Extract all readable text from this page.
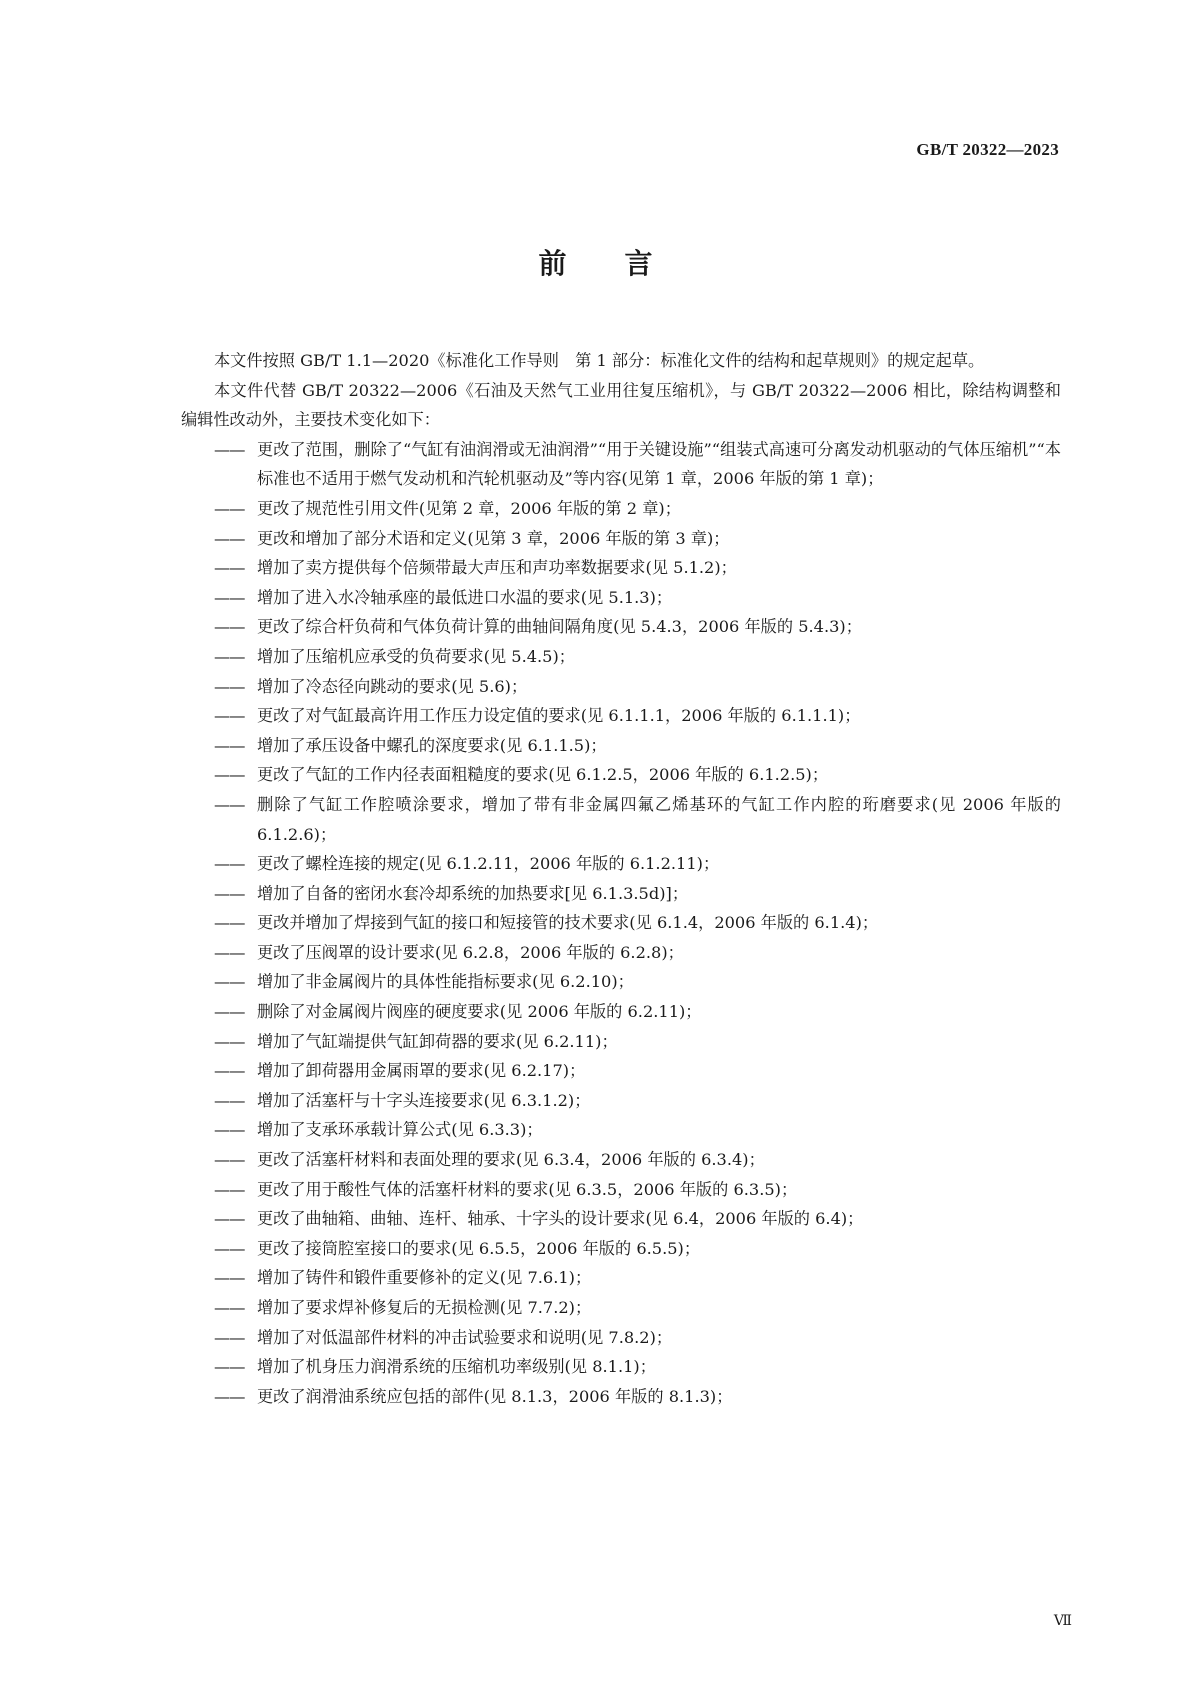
GB/T 20322—2023
前言

本文件按照 GB/T 1.1—2020《标准化工作导则　第 1 部分：标准化文件的结构和起草规则》的规定起草。

本文件代替 GB/T 20322—2006《石油及天然气工业用往复压缩机》，与 GB/T 20322—2006 相比，除结构调整和编辑性改动外，主要技术变化如下：

—— 更改了范围，删除了“气缸有油润滑或无油润滑”“用于关键设施”“组装式高速可分离发动机驱动的气体压缩机”“本标准也不适用于燃气发动机和汽轮机驱动及”等内容(见第 1 章，2006 年版的第 1 章)；
—— 更改了规范性引用文件(见第 2 章，2006 年版的第 2 章)；
—— 更改和增加了部分术语和定义(见第 3 章，2006 年版的第 3 章)；
—— 增加了卖方提供每个倍频带最大声压和声功率数据要求(见 5.1.2)；
—— 增加了进入水冷轴承座的最低进口水温的要求(见 5.1.3)；
—— 更改了综合杆负荷和气体负荷计算的曲轴间隔角度(见 5.4.3，2006 年版的 5.4.3)；
—— 增加了压缩机应承受的负荷要求(见 5.4.5)；
—— 增加了冷态径向跳动的要求(见 5.6)；
—— 更改了对气缸最高许用工作压力设定值的要求(见 6.1.1.1，2006 年版的 6.1.1.1)；
—— 增加了承压设备中螺孔的深度要求(见 6.1.1.5)；
—— 更改了气缸的工作内径表面粗糙度的要求(见 6.1.2.5，2006 年版的 6.1.2.5)；
—— 删除了气缸工作腔喷涂要求，增加了带有非金属四氟乙烯基环的气缸工作内腔的珩磨要求(见 2006 年版的 6.1.2.6)；
—— 更改了螺栓连接的规定(见 6.1.2.11，2006 年版的 6.1.2.11)；
—— 增加了自备的密闭水套冷却系统的加热要求[见 6.1.3.5d)]；
—— 更改并增加了焊接到气缸的接口和短接管的技术要求(见 6.1.4，2006 年版的 6.1.4)；
—— 更改了压阀罩的设计要求(见 6.2.8，2006 年版的 6.2.8)；
—— 增加了非金属阀片的具体性能指标要求(见 6.2.10)；
—— 删除了对金属阀片阀座的硬度要求(见 2006 年版的 6.2.11)；
—— 增加了气缸端提供气缸卸荷器的要求(见 6.2.11)；
—— 增加了卸荷器用金属雨罩的要求(见 6.2.17)；
—— 增加了活塞杆与十字头连接要求(见 6.3.1.2)；
—— 增加了支承环承载计算公式(见 6.3.3)；
—— 更改了活塞杆材料和表面处理的要求(见 6.3.4，2006 年版的 6.3.4)；
—— 更改了用于酸性气体的活塞杆材料的要求(见 6.3.5，2006 年版的 6.3.5)；
—— 更改了曲轴箱、曲轴、连杆、轴承、十字头的设计要求(见 6.4，2006 年版的 6.4)；
—— 更改了接筒腔室接口的要求(见 6.5.5，2006 年版的 6.5.5)；
—— 增加了铸件和锻件重要修补的定义(见 7.6.1)；
—— 增加了要求焊补修复后的无损检测(见 7.7.2)；
—— 增加了对低温部件材料的冲击试验要求和说明(见 7.8.2)；
—— 增加了机身压力润滑系统的压缩机功率级别(见 8.1.1)；
—— 更改了润滑油系统应包括的部件(见 8.1.3，2006 年版的 8.1.3)；
Ⅶ
